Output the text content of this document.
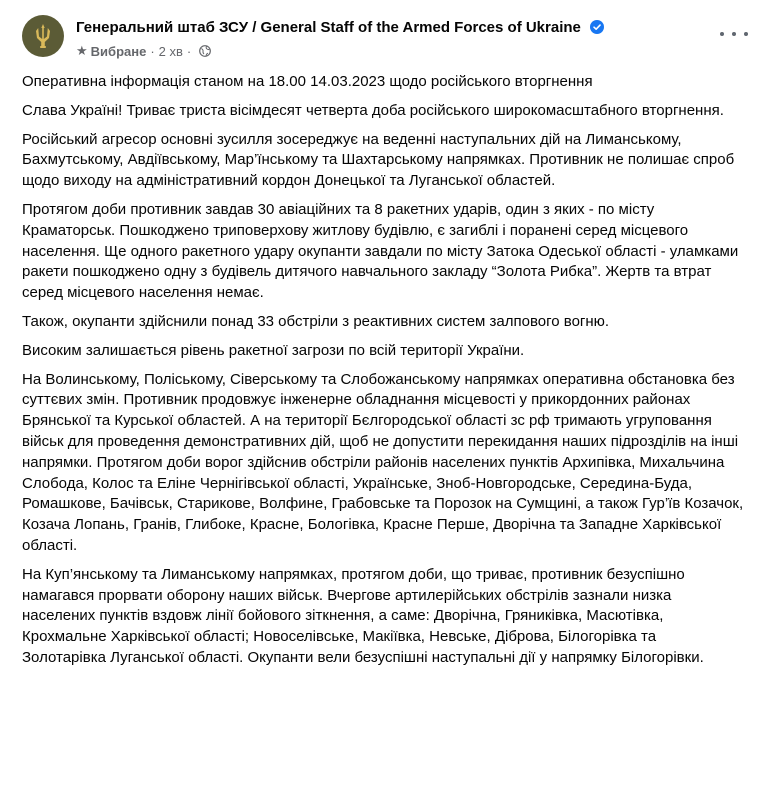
Генеральний штаб ЗСУ / General Staff of the Armed Forces of Ukraine
★ Вибране · 2 хв ·

Оперативна інформація станом на 18.00 14.03.2023 щодо російського вторгнення

Слава Україні! Триває триста вісімдесят четверта доба російського широкомасштабного вторгнення.

Російський агресор основні зусилля зосереджує на веденні наступальних дій на Лиманському, Бахмутському, Авдіївському, Мар’їнському та Шахтарському напрямках. Противник не полишає спроб щодо виходу на адміністративний кордон Донецької та Луганської областей.

Протягом доби противник завдав 30 авіаційних та 8 ракетних ударів, один з яких - по місту Краматорськ. Пошкоджено триповерхову житлову будівлю, є загиблі і поранені серед місцевого населення. Ще одного ракетного удару окупанти завдали по місту Затока Одеської області - уламками ракети пошкоджено одну з будівель дитячого навчального закладу “Золота Рибка”. Жертв та втрат серед місцевого населення немає.

Також, окупанти здійснили понад 33 обстріли з реактивних систем залпового вогню.

Високим залишається рівень ракетної загрози по всій території України.

На Волинському, Поліському, Сіверському та Слобожанському напрямках оперативна обстановка без суттєвих змін. Противник продовжує інженерне обладнання місцевості у прикордонних районах Брянської та Курської областей. А на території Бєлгородської області зс рф тримають угруповання військ для проведення демонстративних дій, щоб не допустити перекидання наших підрозділів на інші напрямки. Протягом доби ворог здійснив обстріли районів населених пунктів Архипівка, Михальчина Слобода, Колос та Еліне Чернігівської області, Українське, Зноб-Новгородське, Середина-Буда, Ромашкове, Бачівськ, Старикове, Волфине, Грабовське та Порозок на Сумщині, а також Гур’їв Козачок, Козача Лопань, Гранів, Глибоке, Красне, Бологівка, Красне Перше, Дворічна та Западне Харківської області.

На Куп’янському та Лиманському напрямках, протягом доби, що триває, противник безуспішно намагався прорвати оборону наших військ. Вчергове артилерійських обстрілів зазнали низка населених пунктів вздовж лінії бойового зіткнення, а саме: Дворічна, Гряниківка, Масютівка, Крохмальне Харківської області; Новоселівське, Макіївка, Невське, Діброва, Білогорівка та Золотарівка Луганської області. Окупанти вели безуспішні наступальні дії у напрямку Білогорівки.
